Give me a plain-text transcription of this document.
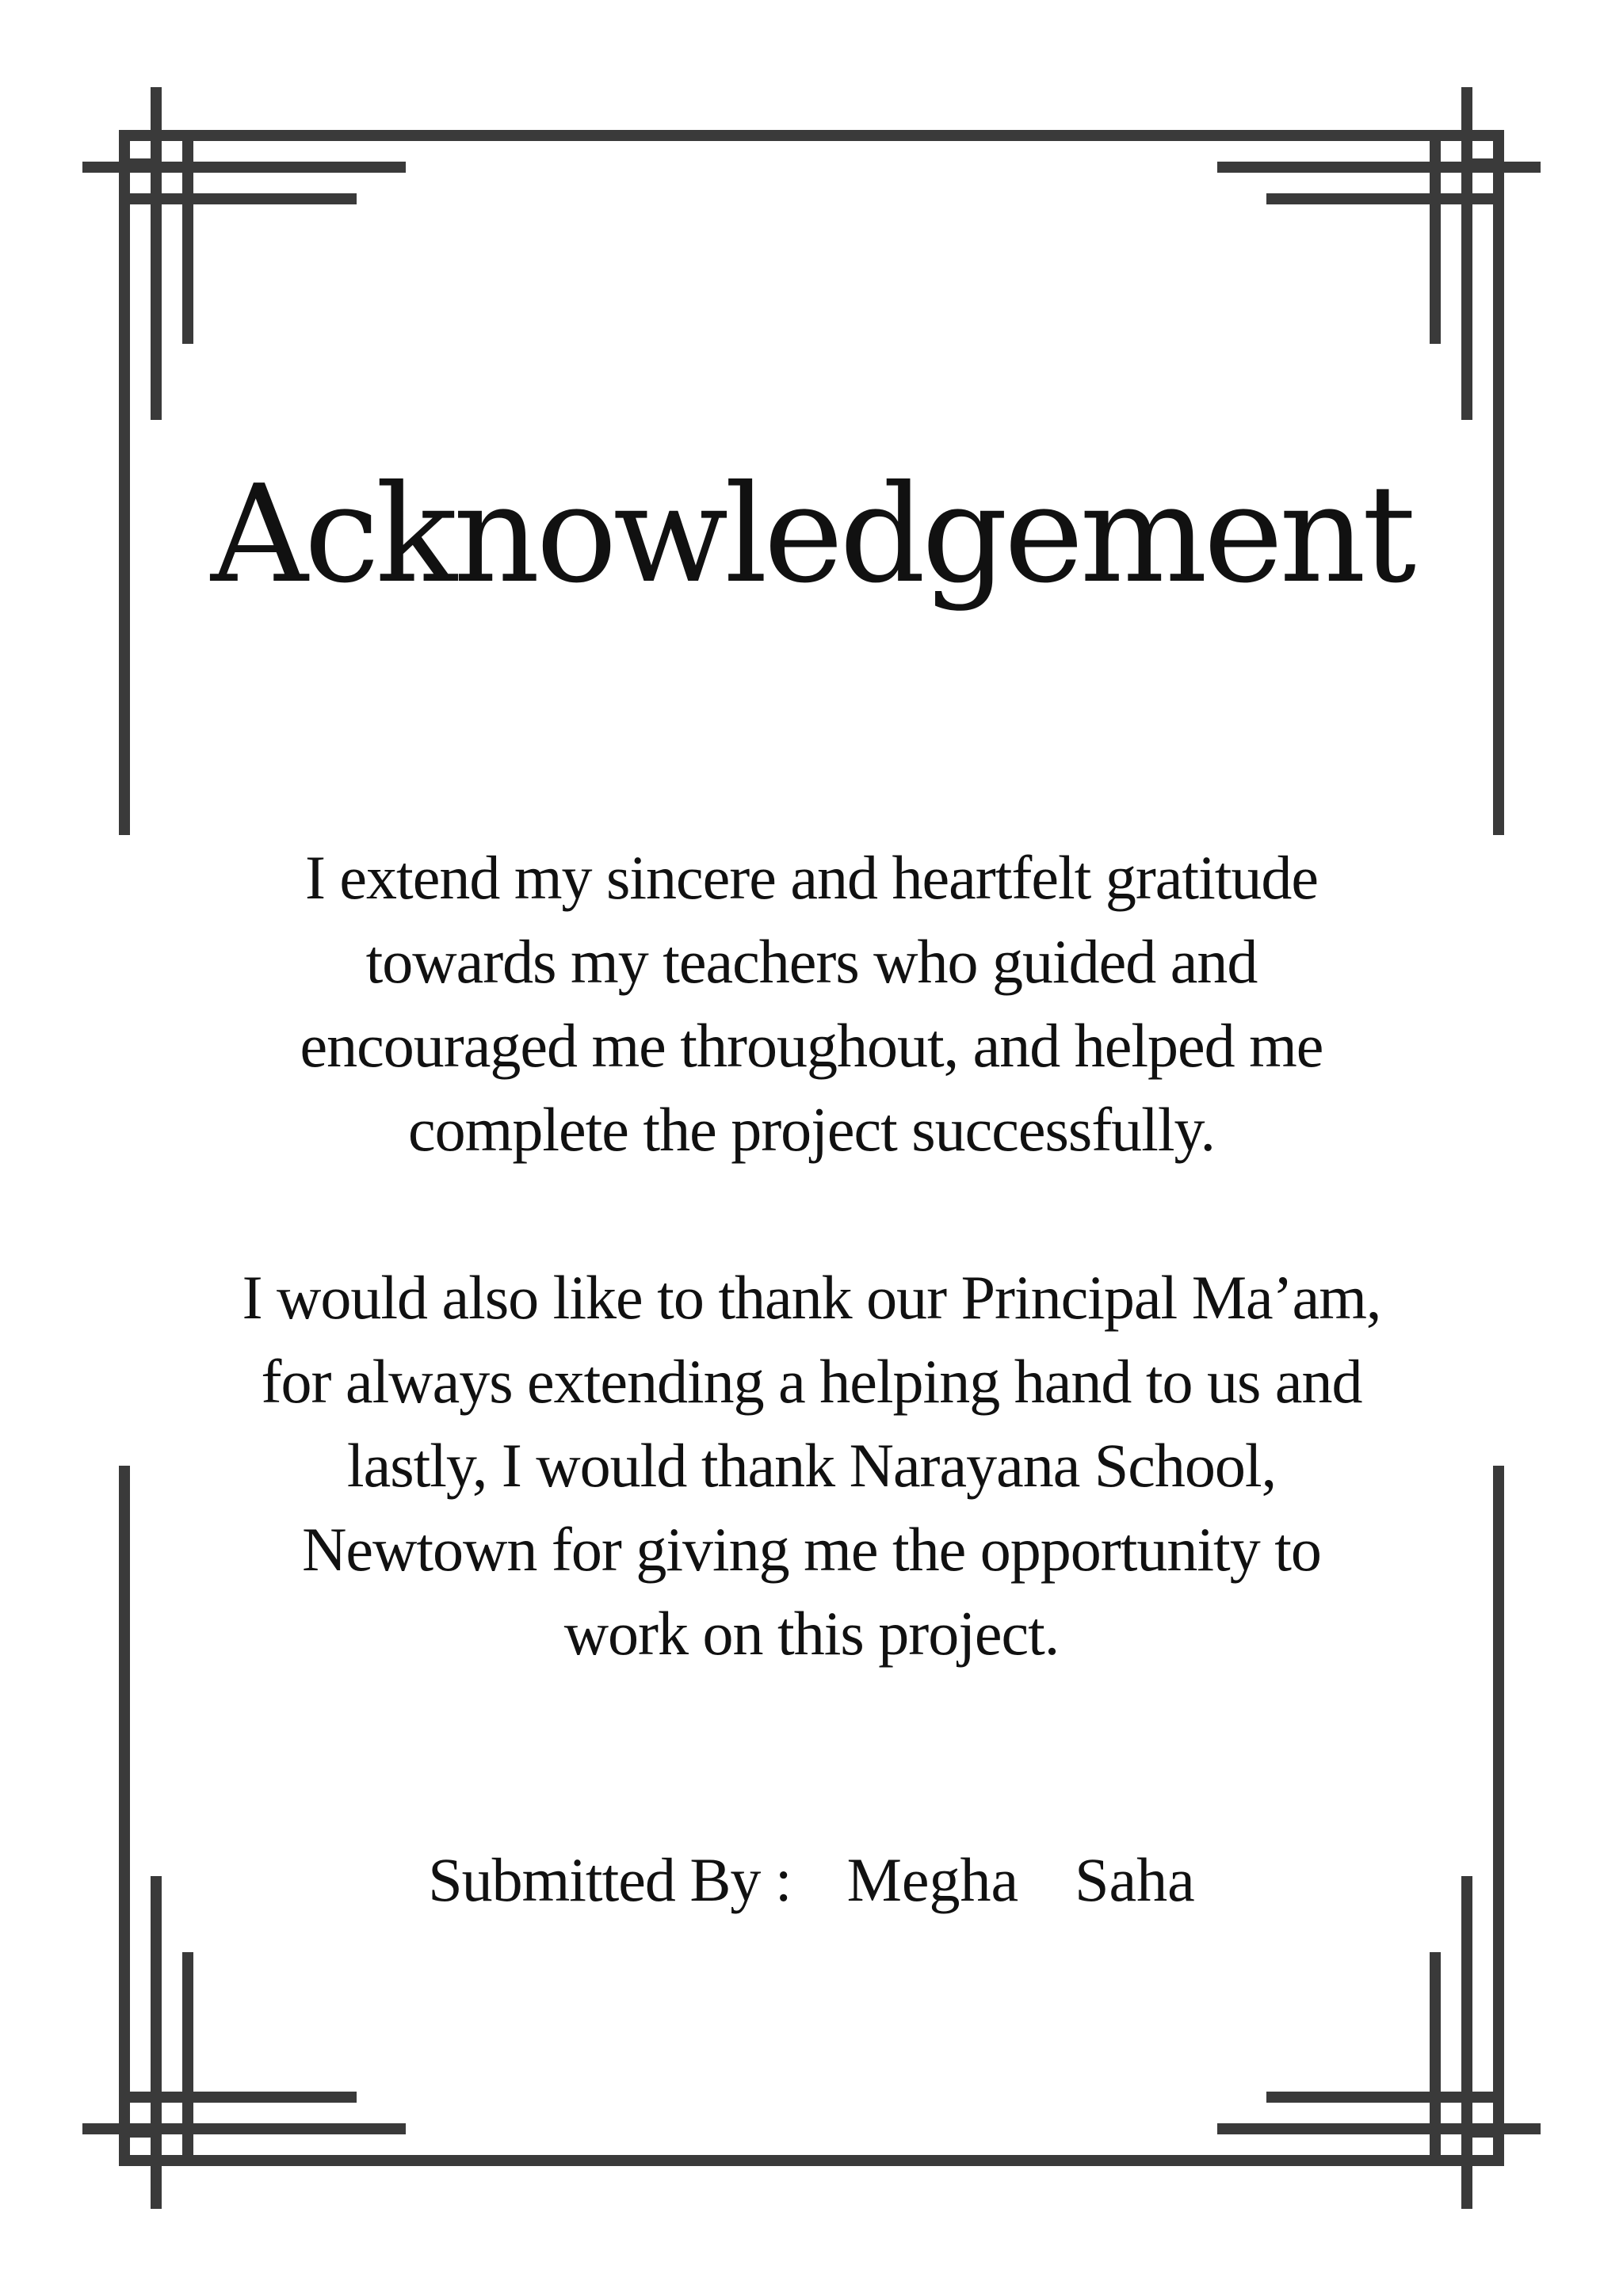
Acknowledgement
I extend my sincere and heartfelt gratitude
towards my teachers who guided and
encouraged me throughout, and helped me
complete the project successfully.
I would also like to thank our Principal Ma’am,
for always extending a helping hand to us and
lastly, I would thank Narayana School,
Newtown for giving me the opportunity to
work on this project.
Submitted By : Megha  Saha
